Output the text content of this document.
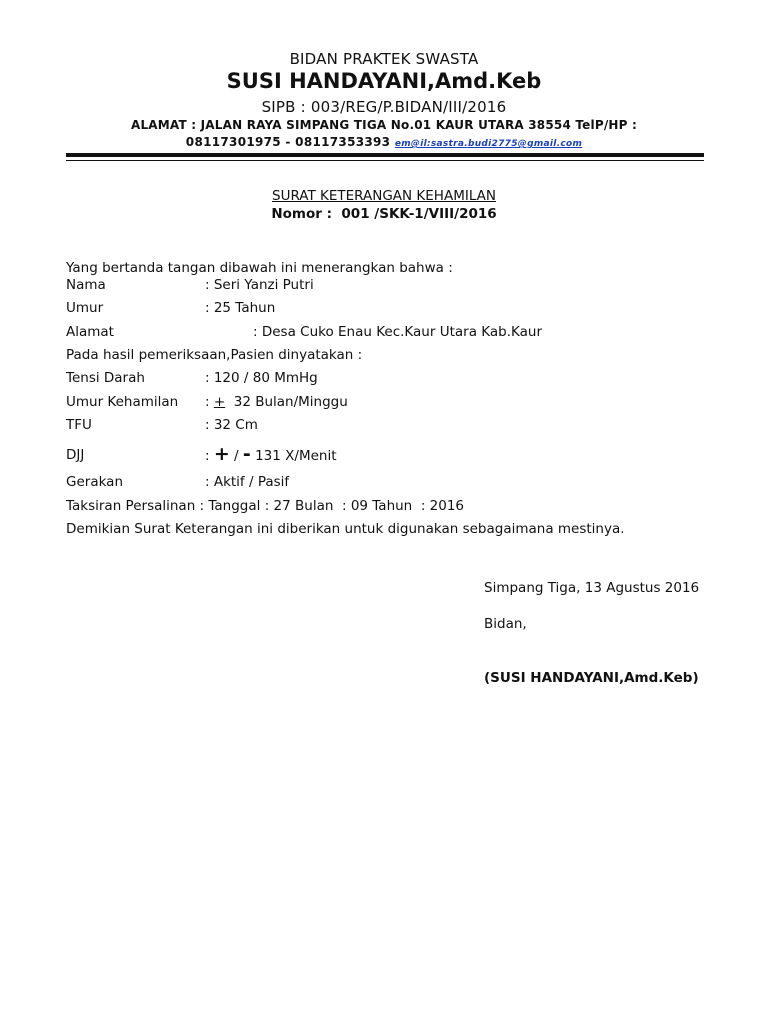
BIDAN PRAKTEK SWASTA
SUSI HANDAYANI,Amd.Keb
SIPB : 003/REG/P.BIDAN/III/2016
ALAMAT : JALAN RAYA SIMPANG TIGA No.01 KAUR UTARA 38554 TelP/HP :
08117301975 - 08117353393 em@il:sastra.budi2775@gmail.com
SURAT KETERANGAN KEHAMILAN
Nomor :  001 /SKK-1/VIII/2016
Yang bertanda tangan dibawah ini menerangkan bahwa :
Nama	: Seri Yanzi Putri
Umur	: 25 Tahun
Alamat	: Desa Cuko Enau Kec.Kaur Utara Kab.Kaur
Pada hasil pemeriksaan,Pasien dinyatakan :
Tensi Darah	: 120 / 80 MmHg
Umur Kehamilan : +  32 Bulan/Minggu
TFU	: 32 Cm
DJJ	: + / - 131 X/Menit
Gerakan	: Aktif / Pasif
Taksiran Persalinan : Tanggal : 27 Bulan  : 09 Tahun  : 2016
Demikian Surat Keterangan ini diberikan untuk digunakan sebagaimana mestinya.
Simpang Tiga, 13 Agustus 2016
Bidan,
(SUSI HANDAYANI,Amd.Keb)
